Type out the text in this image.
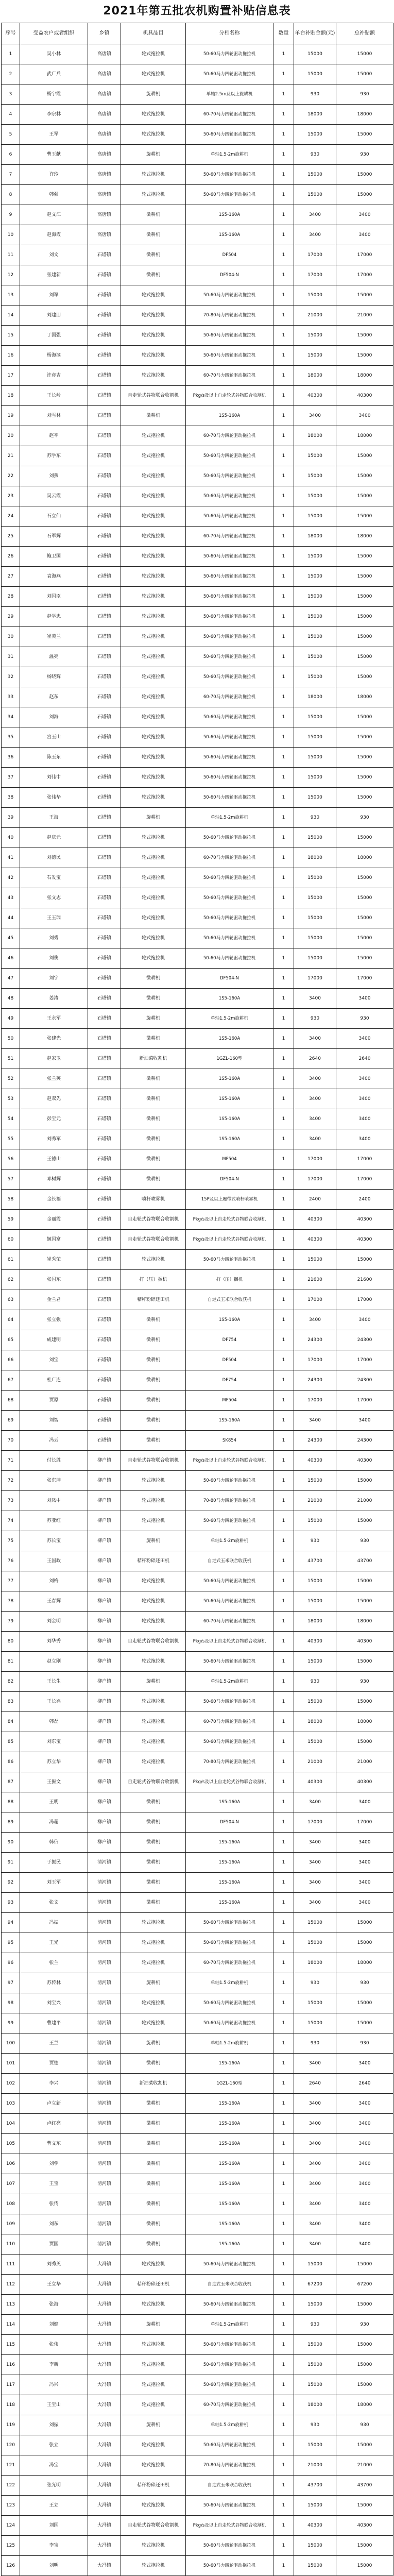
2021年第五批农机购置补贴信息表
序号	受益农户或者组织	乡镇	机具品目	分档名称	数量	单台补贴金额(元)	总补贴额
1	吴小林	高唐镇	轮式拖拉机	50-60马力四轮驱动拖拉机	1	15000	15000
2	武广兵	高唐镇	轮式拖拉机	50-60马力四轮驱动拖拉机	1	15000	15000
3	杨宇霞	高唐镇	旋耕机	单轴2.5m及以上旋耕机	1	930	930
4	李宗林	高唐镇	轮式拖拉机	60-70马力四轮驱动拖拉机	1	18000	18000
5	王军	高唐镇	轮式拖拉机	50-60马力四轮驱动拖拉机	1	15000	15000
6	曹玉献	高唐镇	旋耕机	单轴1.5-2m旋耕机	1	930	930
7	许玲	高唐镇	轮式拖拉机	50-60马力四轮驱动拖拉机	1	15000	15000
8	韩强	高唐镇	轮式拖拉机	50-60马力四轮驱动拖拉机	1	15000	15000
9	赵文江	高唐镇	微耕机	1S5-160A	1	3400	3400
10	赵海霞	高唐镇	微耕机	1S5-160A	1	3400	3400
11	刘文	石塔镇	微耕机	DF504	1	17000	17000
12	张建新	石塔镇	微耕机	DF504-N	1	17000	17000
13	刘军	石塔镇	轮式拖拉机	50-60马力四轮驱动拖拉机	1	15000	15000
14	刘建朋	石塔镇	轮式拖拉机	70-80马力四轮驱动拖拉机	1	21000	21000
15	丁国强	石塔镇	轮式拖拉机	50-60马力四轮驱动拖拉机	1	15000	15000
16	杨海滨	石塔镇	轮式拖拉机	50-60马力四轮驱动拖拉机	1	15000	15000
17	许彦吉	石塔镇	轮式拖拉机	60-70马力四轮驱动拖拉机	1	18000	18000
18	王长岭	石塔镇	自走轮式谷物联合收割机	Pkg/s及以上自走轮式谷物联合收割机	1	40300	40300
19	刘雪林	石塔镇	微耕机	1S5-160A	1	3400	3400
20	赵平	石塔镇	轮式拖拉机	60-70马力四轮驱动拖拉机	1	18000	18000
21	苏学东	石塔镇	轮式拖拉机	50-60马力四轮驱动拖拉机	1	15000	15000
22	刘燕	石塔镇	轮式拖拉机	50-60马力四轮驱动拖拉机	1	15000	15000
23	吴云霞	石塔镇	轮式拖拉机	50-60马力四轮驱动拖拉机	1	15000	15000
24	石立仙	石塔镇	轮式拖拉机	50-60马力四轮驱动拖拉机	1	15000	15000
25	石军辉	石塔镇	轮式拖拉机	60-70马力四轮驱动拖拉机	1	18000	18000
26	鲍卫国	石塔镇	轮式拖拉机	50-60马力四轮驱动拖拉机	1	15000	15000
27	袁海燕	石塔镇	轮式拖拉机	50-60马力四轮驱动拖拉机	1	15000	15000
28	刘国臣	石塔镇	轮式拖拉机	50-60马力四轮驱动拖拉机	1	15000	15000
29	赵学忠	石塔镇	轮式拖拉机	50-60马力四轮驱动拖拉机	1	15000	15000
30	崔芙兰	石塔镇	轮式拖拉机	50-60马力四轮驱动拖拉机	1	15000	15000
31	温亮	石塔镇	轮式拖拉机	50-60马力四轮驱动拖拉机	1	15000	15000
32	杨晓辉	石塔镇	轮式拖拉机	50-60马力四轮驱动拖拉机	1	15000	15000
33	赵东	石塔镇	轮式拖拉机	60-70马力四轮驱动拖拉机	1	18000	18000
34	刘海	石塔镇	轮式拖拉机	50-60马力四轮驱动拖拉机	1	15000	15000
35	宫玉山	石塔镇	轮式拖拉机	50-60马力四轮驱动拖拉机	1	15000	15000
36	陈玉东	石塔镇	轮式拖拉机	50-60马力四轮驱动拖拉机	1	15000	15000
37	刘伟中	石塔镇	轮式拖拉机	50-60马力四轮驱动拖拉机	1	15000	15000
38	张伟华	石塔镇	轮式拖拉机	50-60马力四轮驱动拖拉机	1	15000	15000
39	王海	石塔镇	旋耕机	单轴1.5-2m旋耕机	1	930	930
40	赵庆元	石塔镇	轮式拖拉机	50-60马力四轮驱动拖拉机	1	15000	15000
41	刘德民	石塔镇	轮式拖拉机	60-70马力四轮驱动拖拉机	1	18000	18000
42	石发宝	石塔镇	轮式拖拉机	50-60马力四轮驱动拖拉机	1	15000	15000
43	张文志	石塔镇	轮式拖拉机	50-60马力四轮驱动拖拉机	1	15000	15000
44	王玉瑞	石塔镇	轮式拖拉机	50-60马力四轮驱动拖拉机	1	15000	15000
45	刘秀	石塔镇	轮式拖拉机	50-60马力四轮驱动拖拉机	1	15000	15000
46	刘俊	石塔镇	轮式拖拉机	50-60马力四轮驱动拖拉机	1	15000	15000
47	刘宁	石塔镇	微耕机	DF504-N	1	17000	17000
48	姜涛	石塔镇	微耕机	1S5-160A	1	3400	3400
49	王永军	石塔镇	旋耕机	单轴1.5-2m旋耕机	1	930	930
50	张建光	石塔镇	微耕机	1S5-160A	1	3400	3400
51	赵家卫	石塔镇	新油菜收割机	1GZL-160型	1	2640	2640
52	张兰英	石塔镇	微耕机	1S5-160A	1	3400	3400
53	赵双先	石塔镇	微耕机	1S5-160A	1	3400	3400
54	彭宝元	石塔镇	微耕机	1S5-160A	1	3400	3400
55	刘秀军	石塔镇	微耕机	1S5-160A	1	3400	3400
56	王德山	石塔镇	微耕机	MF504	1	17000	17000
57	邓树辉	石塔镇	微耕机	DF504-N	1	17000	17000
58	金长福	石塔镇	喷杆喷雾机	15P及以上履带式喷杆喷雾机	1	2400	2400
59	金丽霞	石塔镇	自走轮式谷物联合收割机	Pkg/s及以上自走轮式谷物联合收割机	1	40300	40300
60	姬国富	石塔镇	自走轮式谷物联合收割机	Pkg/s及以上自走轮式谷物联合收割机	1	40300	40300
61	崔秀荣	石塔镇	轮式拖拉机	50-60马力四轮驱动拖拉机	1	15000	15000
62	张国东	石塔镇	打（压）捆机	打（压）捆机	1	21600	21600
63	金兰君	石塔镇	秸秆粉碎还田机	自走式玉米联合收获机	1	17000	17000
64	张立强	石塔镇	微耕机	1S5-160A	1	3400	3400
65	成建明	石塔镇	微耕机	DF754	1	24300	24300
66	刘宝	石塔镇	微耕机	DF504	1	17000	17000
67	杜广连	石塔镇	微耕机	DF754	1	24300	24300
68	贾原	石塔镇	微耕机	MF504	1	17000	17000
69	刘智	石塔镇	微耕机	1S5-160A	1	3400	3400
70	冯云	石塔镇	微耕机	SK854	1	24300	24300
71	付长胜	柳户镇	自走轮式谷物联合收割机	Pkg/s及以上自走轮式谷物联合收割机	1	40300	40300
72	张东坤	柳户镇	轮式拖拉机	50-60马力四轮驱动拖拉机	1	15000	15000
73	刘凤中	柳户镇	轮式拖拉机	70-80马力四轮驱动拖拉机	1	21000	21000
74	苏亚红	柳户镇	轮式拖拉机	50-60马力四轮驱动拖拉机	1	15000	15000
75	苏长宝	柳户镇	旋耕机	单轴1.5-2m旋耕机	1	930	930
76	王国政	柳户镇	秸秆粉碎还田机	自走式玉米联合收获机	1	43700	43700
77	刘梅	柳户镇	轮式拖拉机	50-60马力四轮驱动拖拉机	1	15000	15000
78	王春辉	柳户镇	轮式拖拉机	50-60马力四轮驱动拖拉机	1	15000	15000
79	刘金明	柳户镇	轮式拖拉机	60-70马力四轮驱动拖拉机	1	18000	18000
80	刘华秀	柳户镇	自走轮式谷物联合收割机	Pkg/s及以上自走轮式谷物联合收割机	1	40300	40300
81	赵立刚	柳户镇	轮式拖拉机	50-60马力四轮驱动拖拉机	1	15000	15000
82	王长生	柳户镇	旋耕机	单轴1.5-2m旋耕机	1	930	930
83	王长兴	柳户镇	轮式拖拉机	50-60马力四轮驱动拖拉机	1	15000	15000
84	韩磊	柳户镇	轮式拖拉机	60-70马力四轮驱动拖拉机	1	18000	18000
85	刘东宝	柳户镇	轮式拖拉机	50-60马力四轮驱动拖拉机	1	15000	15000
86	苏立华	柳户镇	轮式拖拉机	70-80马力四轮驱动拖拉机	1	21000	21000
87	王振文	柳户镇	自走轮式谷物联合收割机	Pkg/s及以上自走轮式谷物联合收割机	1	40300	40300
88	王明	柳户镇	微耕机	1S5-160A	1	3400	3400
89	冯超	柳户镇	微耕机	DF504-N	1	17000	17000
90	韩信	柳户镇	微耕机	1S5-160A	1	3400	3400
91	于振民	清河镇	微耕机	1S5-160A	1	3400	3400
92	刘玉军	清河镇	微耕机	1S5-160A	1	3400	3400
93	张文	清河镇	微耕机	1S5-160A	1	3400	3400
94	冯振	清河镇	轮式拖拉机	50-60马力四轮驱动拖拉机	1	15000	15000
95	王光	清河镇	轮式拖拉机	50-60马力四轮驱动拖拉机	1	15000	15000
96	张兰	清河镇	轮式拖拉机	60-70马力四轮驱动拖拉机	1	18000	18000
97	苏传林	清河镇	旋耕机	单轴1.5-2m旋耕机	1	930	930
98	刘宝兴	清河镇	轮式拖拉机	50-60马力四轮驱动拖拉机	1	15000	15000
99	曹建平	清河镇	轮式拖拉机	50-60马力四轮驱动拖拉机	1	15000	15000
100	王兰	清河镇	旋耕机	单轴1.5-2m旋耕机	1	930	930
101	贾德	清河镇	微耕机	1S5-160A	1	3400	3400
102	李兴	清河镇	新油菜收割机	1GZL-160型	1	2640	2640
103	卢立新	清河镇	微耕机	1S5-160A	1	3400	3400
104	卢红亮	清河镇	微耕机	1S5-160A	1	3400	3400
105	曹文东	清河镇	微耕机	1S5-160A	1	3400	3400
106	刘学	清河镇	微耕机	1S5-160A	1	3400	3400
107	王宝	清河镇	微耕机	1S5-160A	1	3400	3400
108	张传	清河镇	微耕机	1S5-160A	1	3400	3400
109	刘东	清河镇	微耕机	1S5-160A	1	3400	3400
110	贾国	清河镇	微耕机	1S5-160A	1	3400	3400
111	刘秀英	大冯镇	轮式拖拉机	50-60马力四轮驱动拖拉机	1	15000	15000
112	王立华	大冯镇	秸秆粉碎还田机	自走式玉米联合收获机	1	67200	67200
113	张海	大冯镇	轮式拖拉机	50-60马力四轮驱动拖拉机	1	15000	15000
114	刘健	大冯镇	旋耕机	单轴1.5-2m旋耕机	1	930	930
115	张伟	大冯镇	轮式拖拉机	50-60马力四轮驱动拖拉机	1	15000	15000
116	李新	大冯镇	轮式拖拉机	50-60马力四轮驱动拖拉机	1	15000	15000
117	冯兴	大冯镇	轮式拖拉机	50-60马力四轮驱动拖拉机	1	15000	15000
118	王宝山	大冯镇	轮式拖拉机	60-70马力四轮驱动拖拉机	1	18000	18000
119	刘振	大冯镇	旋耕机	单轴1.5-2m旋耕机	1	930	930
120	张立	大冯镇	轮式拖拉机	50-60马力四轮驱动拖拉机	1	15000	15000
121	冯宝	大冯镇	轮式拖拉机	70-80马力四轮驱动拖拉机	1	21000	21000
122	张光明	大冯镇	秸秆粉碎还田机	自走式玉米联合收获机	1	43700	43700
123	王立	大冯镇	轮式拖拉机	50-60马力四轮驱动拖拉机	1	15000	15000
124	刘国	大冯镇	自走轮式谷物联合收割机	Pkg/s及以上自走轮式谷物联合收割机	1	40300	40300
125	李宝	大冯镇	轮式拖拉机	50-60马力四轮驱动拖拉机	1	15000	15000
126	刘明	大冯镇	轮式拖拉机	50-60马力四轮驱动拖拉机	1	15000	15000
